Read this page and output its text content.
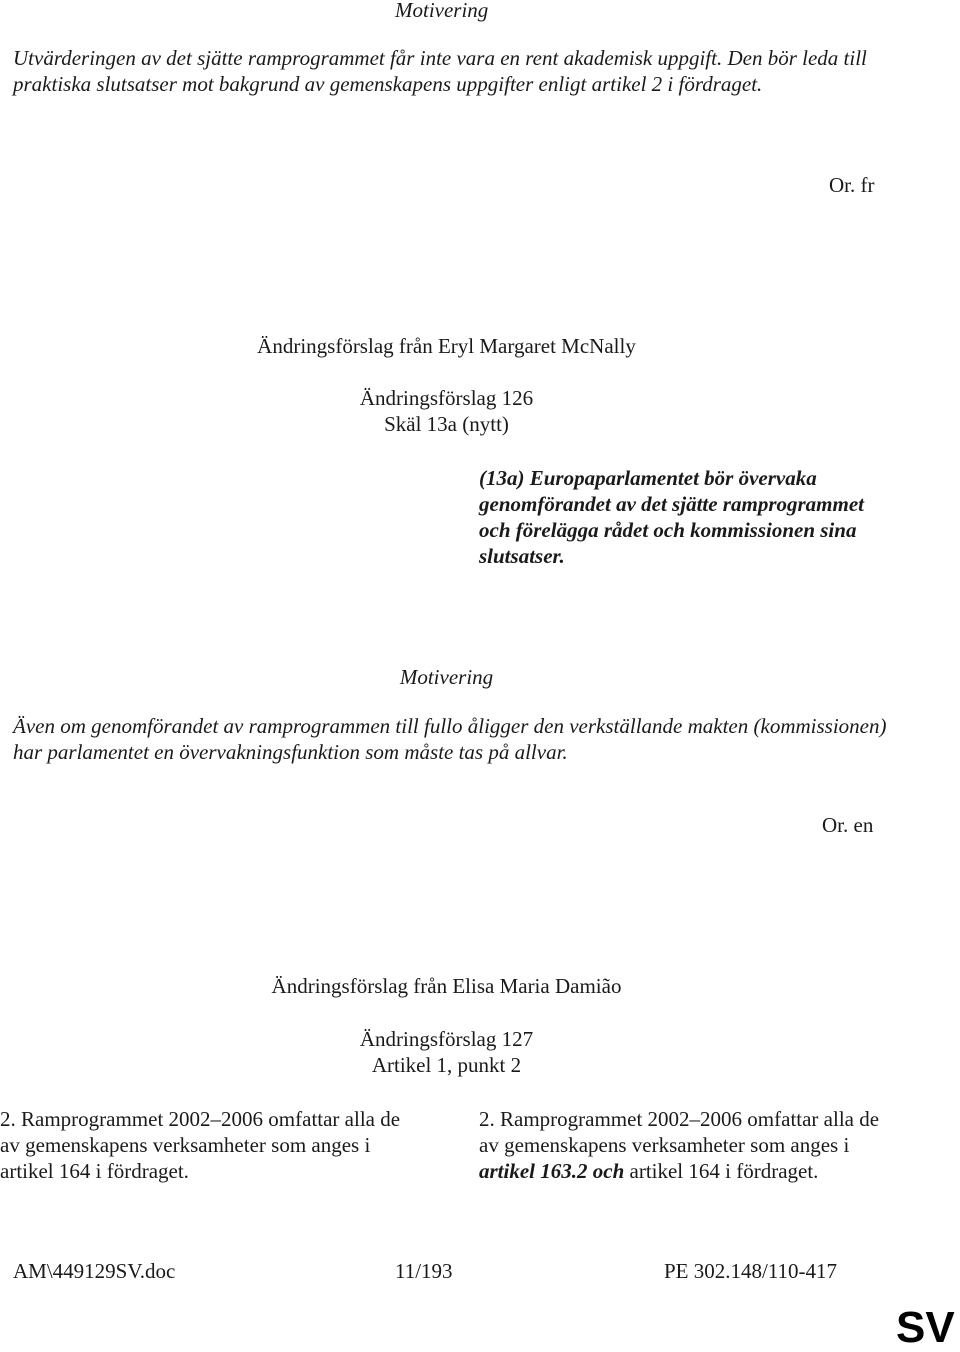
Motivering

Utvärderingen av det sjätte ramprogrammet får inte vara en rent akademisk uppgift. Den bör leda till praktiska slutsatser mot bakgrund av gemenskapens uppgifter enligt artikel 2 i fördraget.

Or. fr

Ändringsförslag från Eryl Margaret McNally

Ändringsförslag 126

Skäl 13a (nytt)

(13a) Europaparlamentet bör övervaka genomförandet av det sjätte ramprogrammet och förelägga rådet och kommissionen sina slutsatser.

Motivering

Även om genomförandet av ramprogrammen till fullo åligger den verkställande makten (kommissionen) har parlamentet en övervakningsfunktion som måste tas på allvar.

Or. en

Ändringsförslag från Elisa Maria Damião

Ändringsförslag 127

Artikel 1, punkt 2

2. Ramprogrammet 2002–2006 omfattar alla de av gemenskapens verksamheter som anges i artikel 164 i fördraget.

2. Ramprogrammet 2002–2006 omfattar alla de av gemenskapens verksamheter som anges i artikel 163.2 och artikel 164 i fördraget.

AM\449129SV.doc	11/193	PE 302.148/110-417

SV
